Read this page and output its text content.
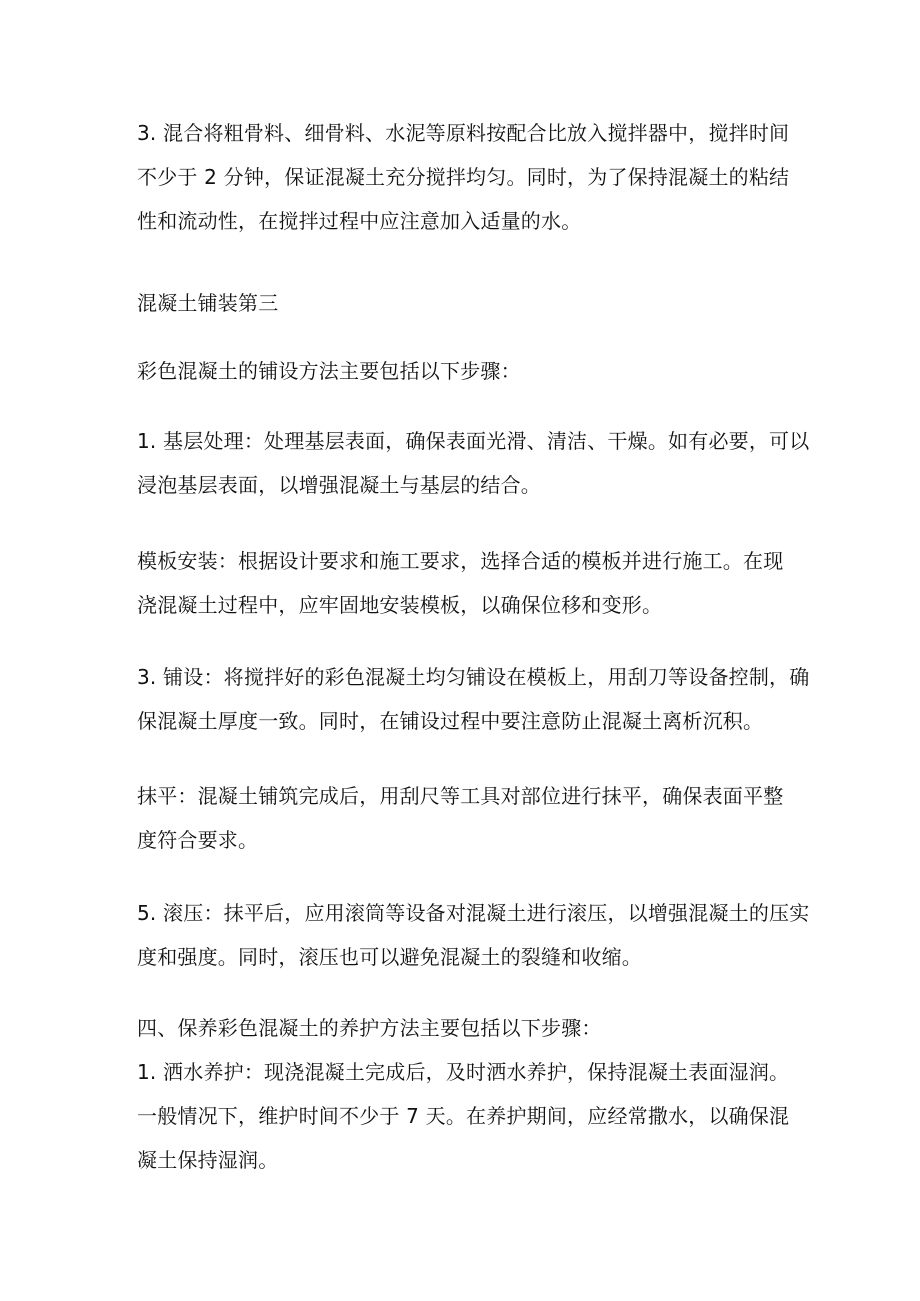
3. 混合将粗骨料、细骨料、水泥等原料按配合比放入搅拌器中，搅拌时间
不少于 2 分钟，保证混凝土充分搅拌均匀。同时，为了保持混凝土的粘结
性和流动性，在搅拌过程中应注意加入适量的水。

混凝土铺装第三

彩色混凝土的铺设方法主要包括以下步骤：

1. 基层处理：处理基层表面，确保表面光滑、清洁、干燥。如有必要，可以
浸泡基层表面，以增强混凝土与基层的结合。

模板安装：根据设计要求和施工要求，选择合适的模板并进行施工。在现
浇混凝土过程中，应牢固地安装模板，以确保位移和变形。

3. 铺设：将搅拌好的彩色混凝土均匀铺设在模板上，用刮刀等设备控制，确
保混凝土厚度一致。同时，在铺设过程中要注意防止混凝土离析沉积。

抹平：混凝土铺筑完成后，用刮尺等工具对部位进行抹平，确保表面平整
度符合要求。

5. 滚压：抹平后，应用滚筒等设备对混凝土进行滚压，以增强混凝土的压实
度和强度。同时，滚压也可以避免混凝土的裂缝和收缩。

四、保养彩色混凝土的养护方法主要包括以下步骤：
1. 洒水养护：现浇混凝土完成后，及时洒水养护，保持混凝土表面湿润。
一般情况下，维护时间不少于 7 天。在养护期间，应经常撒水，以确保混
凝土保持湿润。
